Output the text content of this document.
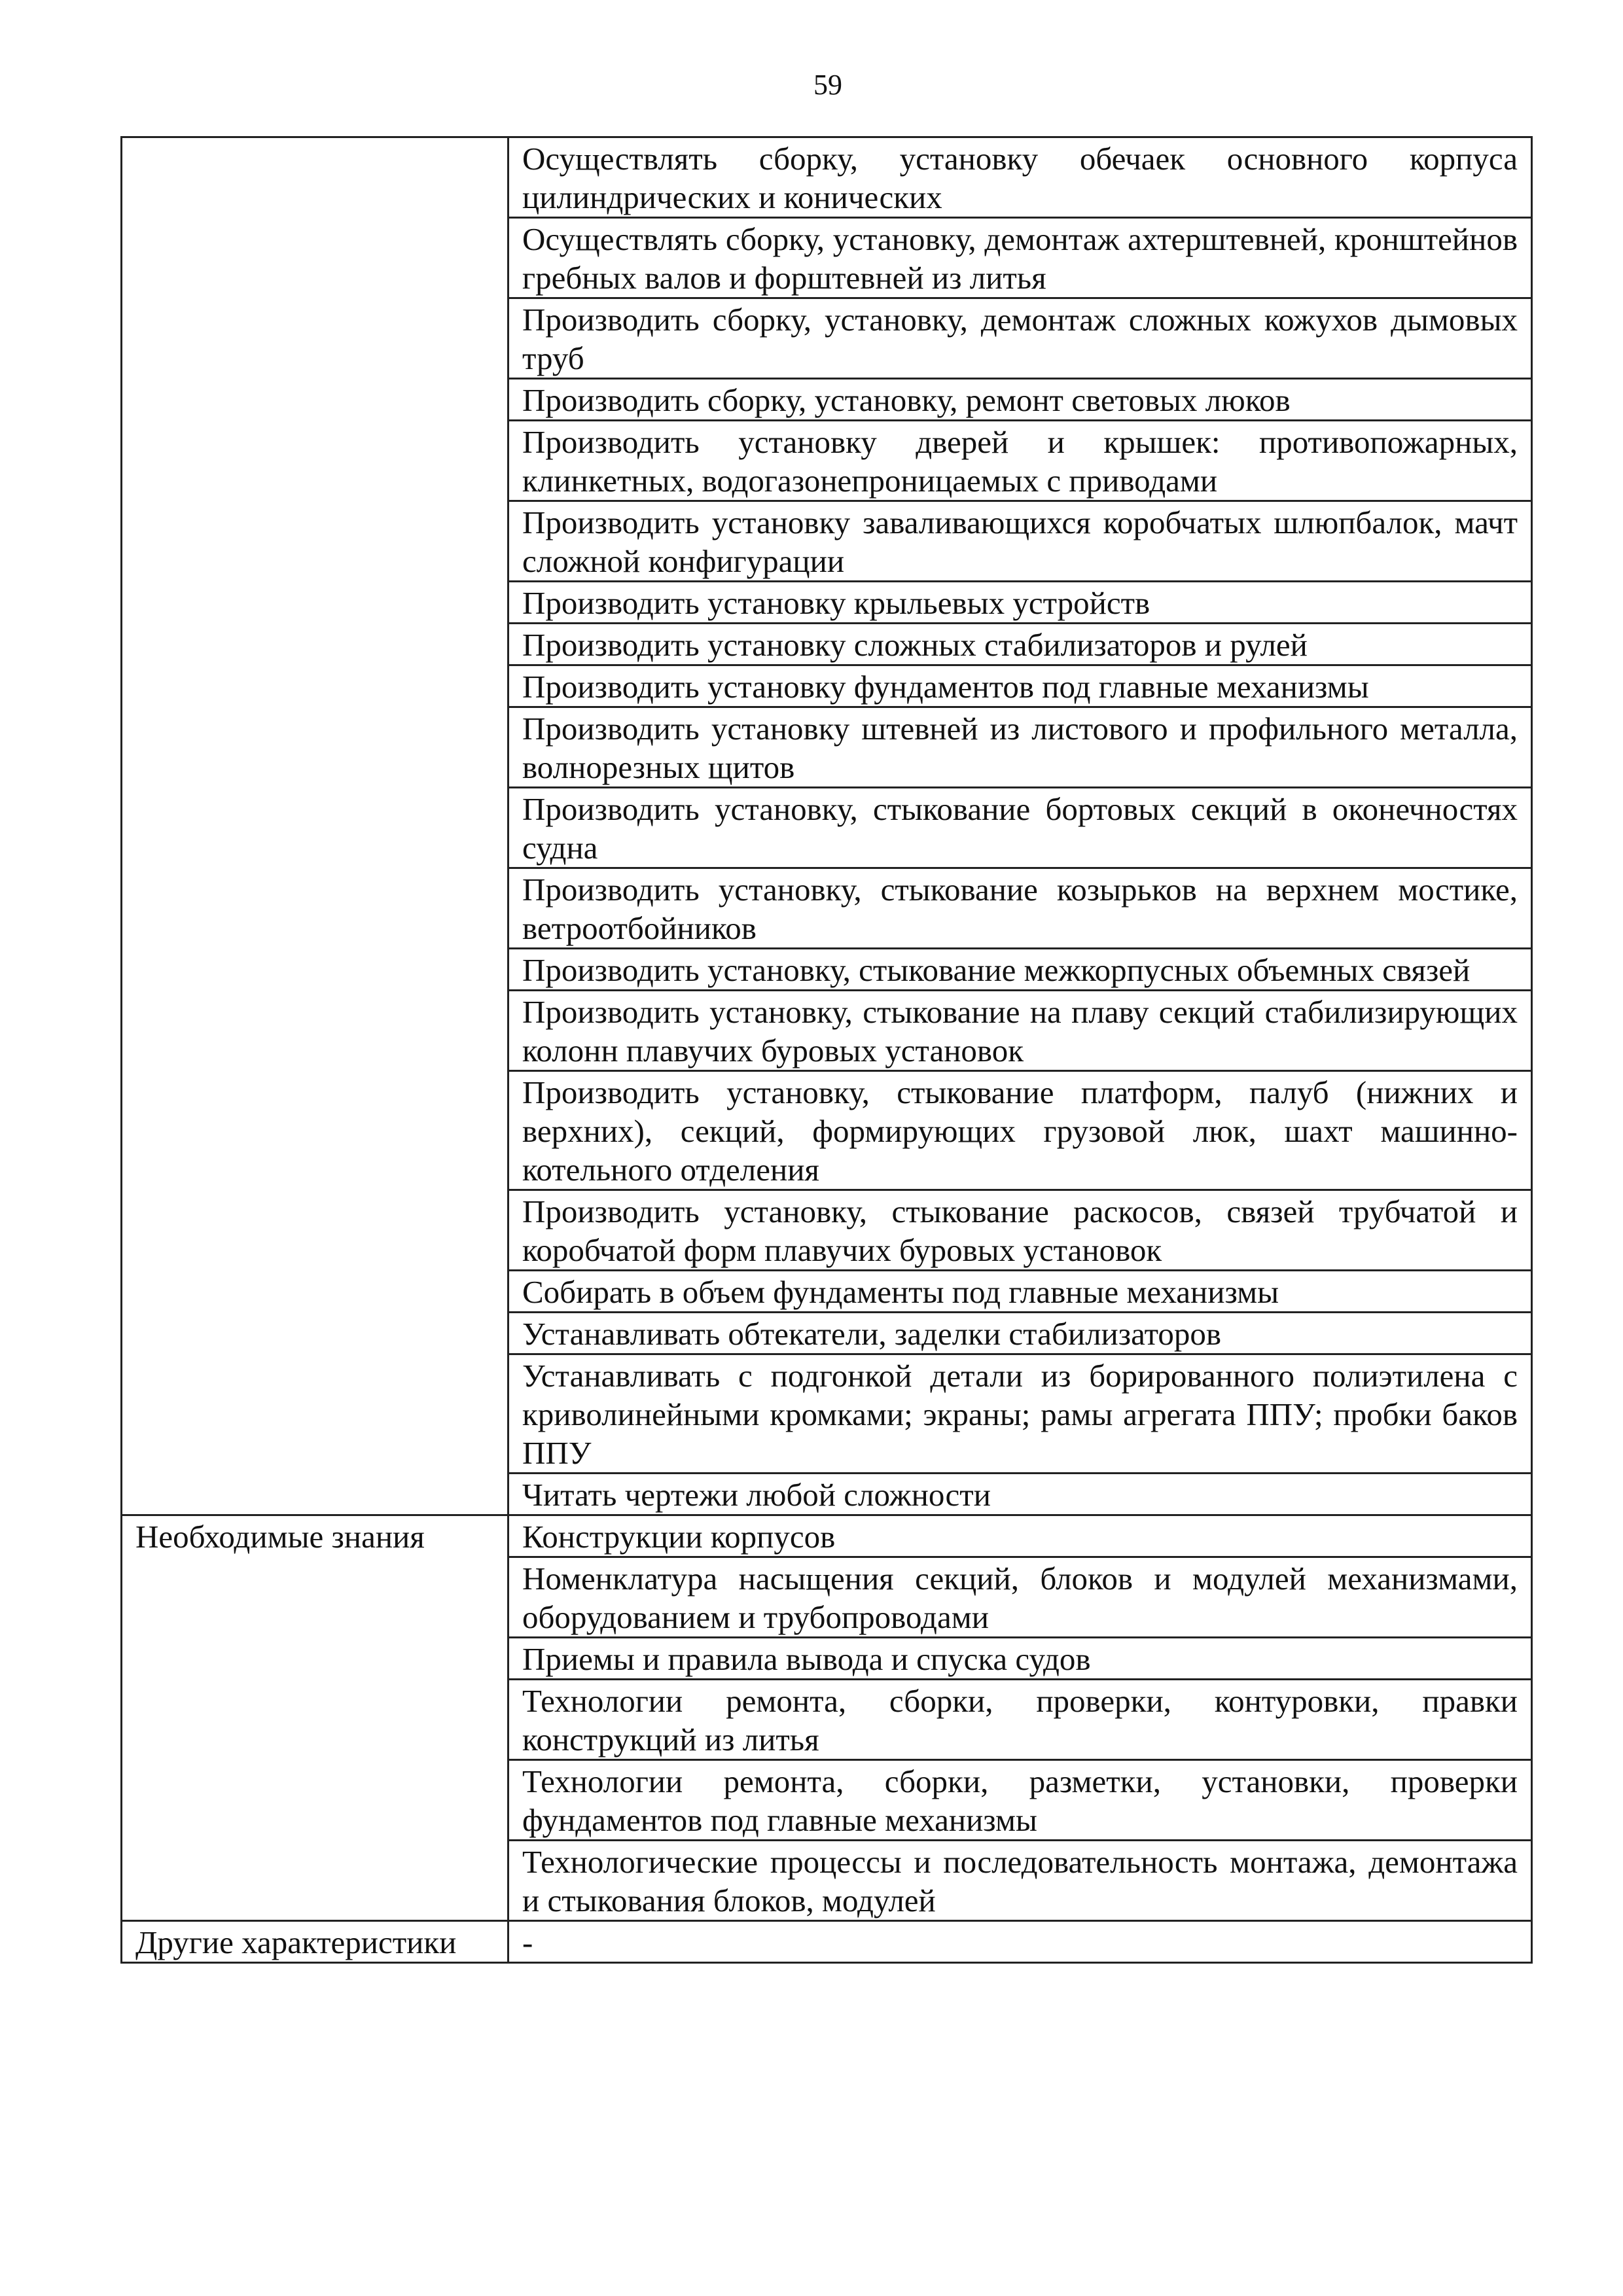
59
	Осуществлять сборку, установку обечаек основного корпуса цилиндрических и конических
	Осуществлять сборку, установку, демонтаж ахтерштевней, кронштейнов гребных валов и форштевней из литья
	Производить сборку, установку, демонтаж сложных кожухов дымовых труб
	Производить сборку, установку, ремонт световых люков
	Производить установку дверей и крышек: противопожарных, клинкетных, водогазонепроницаемых с приводами
	Производить установку заваливающихся коробчатых шлюпбалок, мачт сложной конфигурации
	Производить установку крыльевых устройств
	Производить установку сложных стабилизаторов и рулей
	Производить установку фундаментов под главные механизмы
	Производить установку штевней из листового и профильного металла, волнорезных щитов
	Производить установку, стыкование бортовых секций в оконечностях судна
	Производить установку, стыкование козырьков на верхнем мостике, ветроотбойников
	Производить установку, стыкование межкорпусных объемных связей
	Производить установку, стыкование на плаву секций стабилизирующих колонн плавучих буровых установок
	Производить установку, стыкование платформ, палуб (нижних и верхних), секций, формирующих грузовой люк, шахт машинно-котельного отделения
	Производить установку, стыкование раскосов, связей трубчатой и коробчатой форм плавучих буровых установок
	Собирать в объем фундаменты под главные механизмы
	Устанавливать обтекатели, заделки стабилизаторов
	Устанавливать с подгонкой детали из борированного полиэтилена с криволинейными кромками; экраны; рамы агрегата ППУ; пробки баков ППУ
	Читать чертежи любой сложности
Необходимые знания	Конструкции корпусов
	Номенклатура насыщения секций, блоков и модулей механизмами, оборудованием и трубопроводами
	Приемы и правила вывода и спуска судов
	Технологии ремонта, сборки, проверки, контуровки, правки конструкций из литья
	Технологии ремонта, сборки, разметки, установки, проверки фундаментов под главные механизмы
	Технологические процессы и последовательность монтажа, демонтажа и стыкования блоков, модулей
Другие характеристики	-
